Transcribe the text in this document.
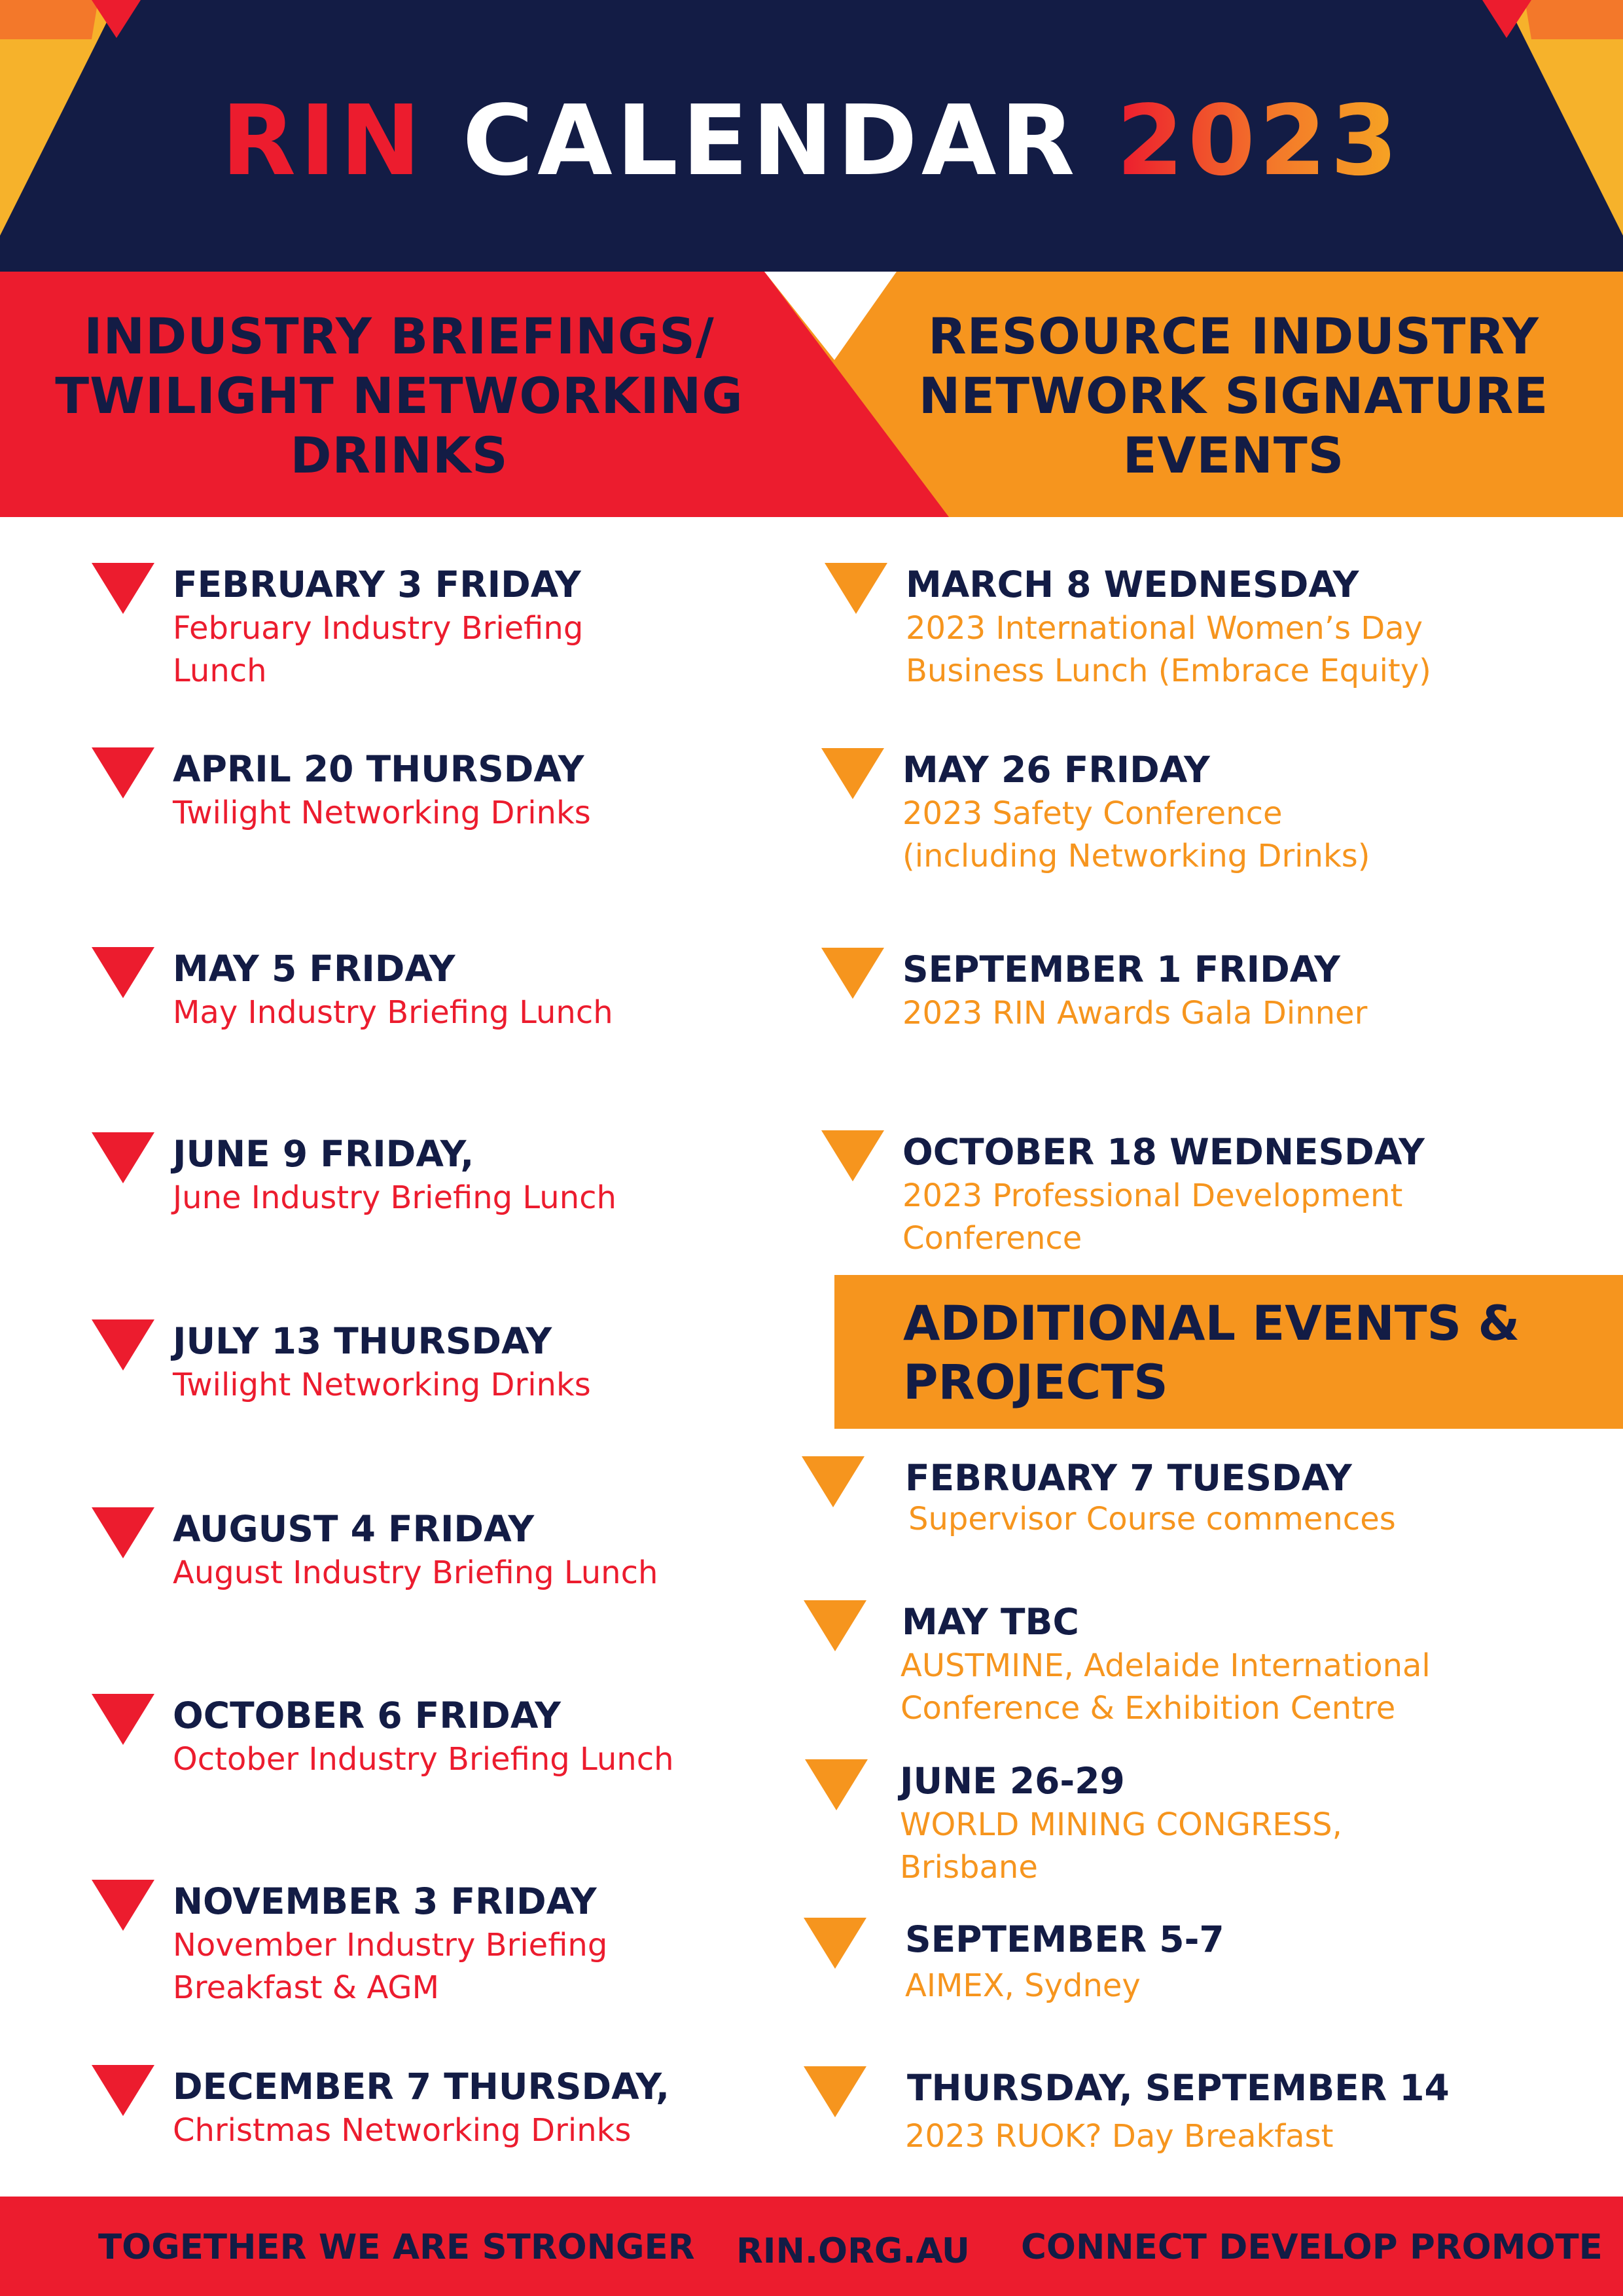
RIN CALENDAR 2023
INDUSTRY BRIEFINGS/
TWILIGHT NETWORKING
DRINKS
RESOURCE INDUSTRY
NETWORK SIGNATURE
EVENTS
FEBRUARY 3 FRIDAY
February Industry Briefing
Lunch
APRIL 20 THURSDAY
Twilight Networking Drinks
MAY 5 FRIDAY
May Industry Briefing Lunch
JUNE 9 FRIDAY,
June Industry Briefing Lunch
JULY 13 THURSDAY
Twilight Networking Drinks
AUGUST 4 FRIDAY
August Industry Briefing Lunch
OCTOBER 6 FRIDAY
October Industry Briefing Lunch
NOVEMBER 3 FRIDAY
November Industry Briefing
Breakfast & AGM
DECEMBER 7 THURSDAY,
Christmas Networking Drinks
MARCH 8 WEDNESDAY
2023 International Women’s Day
Business Lunch (Embrace Equity)
MAY 26 FRIDAY
2023 Safety Conference
(including Networking Drinks)
SEPTEMBER 1 FRIDAY
2023 RIN Awards Gala Dinner
OCTOBER 18 WEDNESDAY
2023 Professional Development
Conference
ADDITIONAL EVENTS &
PROJECTS
FEBRUARY 7 TUESDAY
Supervisor Course commences
MAY TBC
AUSTMINE, Adelaide International
Conference & Exhibition Centre
JUNE 26-29
WORLD MINING CONGRESS,
Brisbane
SEPTEMBER 5-7
AIMEX, Sydney
THURSDAY, SEPTEMBER 14
2023 RUOK? Day Breakfast
TOGETHER WE ARE STRONGER RIN.ORG.AU CONNECT DEVELOP PROMOTE
